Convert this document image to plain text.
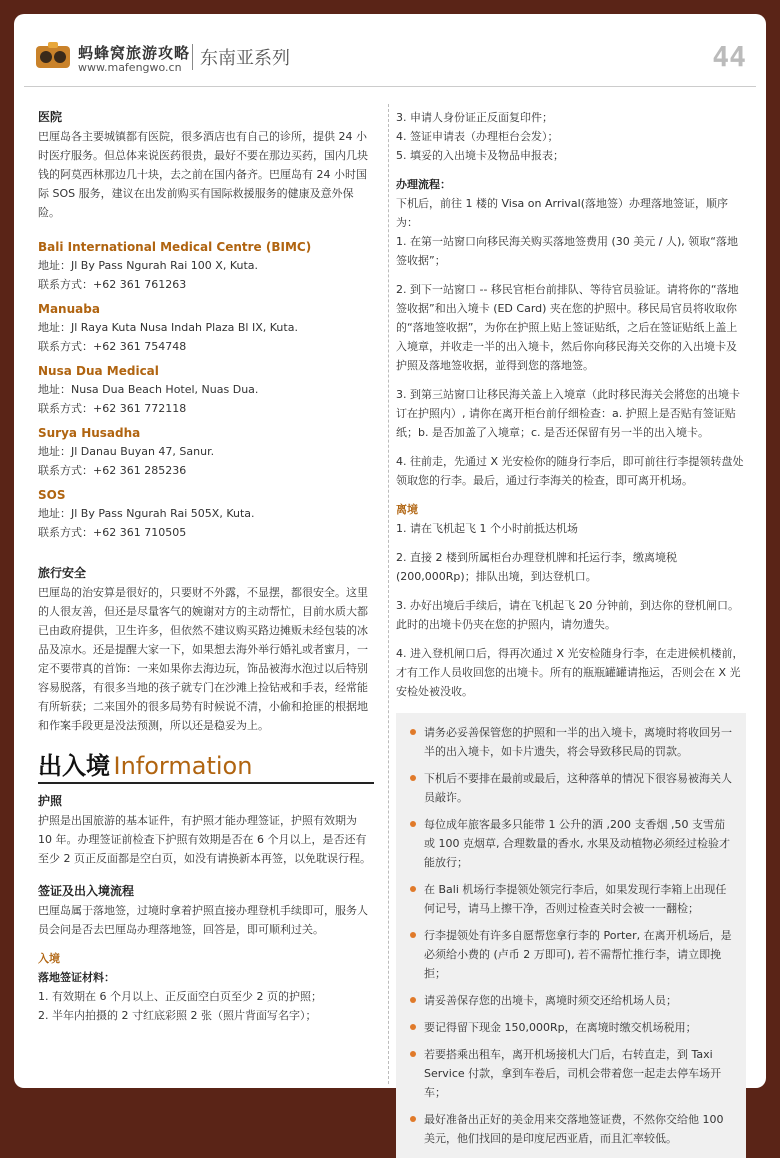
蚂蜂窝旅游攻略
www.mafengwo.cn 东南亚系列	44

医院

巴厘岛各主要城镇都有医院，很多酒店也有自己的诊所，提供 24 小时医疗服务。但总体来说医药很贵，最好不要在那边买药，国内几块钱的阿莫西林那边几十块，去之前在国内备齐。巴厘岛有 24 小时国际 SOS 服务，建议在出发前购买有国际救援服务的健康及意外保险。

Bali International Medical Centre (BIMC)

地址：Jl By Pass Ngurah Rai 100 X, Kuta.

联系方式：+62 361 761263

Manuaba

地址：Jl Raya Kuta Nusa Indah Plaza Bl IX, Kuta.

联系方式：+62 361 754748

Nusa Dua Medical

地址：Nusa Dua Beach Hotel, Nuas Dua.

联系方式：+62 361 772118

Surya Husadha

地址：Jl Danau Buyan 47, Sanur.

联系方式：+62 361 285236

SOS

地址：Jl By Pass Ngurah Rai 505X, Kuta.

联系方式：+62 361 710505

旅行安全

巴厘岛的治安算是很好的，只要财不外露，不显摆，都很安全。这里的人很友善，但还是尽量客气的婉谢对方的主动帮忙，目前水质大都已由政府提供，卫生许多，但依然不建议购买路边摊贩未经包装的冰品及凉水。还是提醒大家一下，如果想去海外举行婚礼或者蜜月，一定不要带真的首饰：一来如果你去海边玩，饰品被海水泡过以后特别容易脱落，有很多当地的孩子就专门在沙滩上捡钻戒和手表，经常能有所斩获；二来国外的很多局势有时候说不清，小偷和抢匪的根据地和作案手段更是没法预测，所以还是稳妥为上。

出入境 Information

护照

护照是出国旅游的基本证件，有护照才能办理签证，护照有效期为 10 年。办理签证前检查下护照有效期是否在 6 个月以上，是否还有至少 2 页正反面都是空白页，如没有请换新本再签，以免耽误行程。

签证及出入境流程

巴厘岛属于落地签，过境时拿着护照直接办理登机手续即可，服务人员会问是否去巴厘岛办理落地签，回答是，即可顺利过关。

入境

落地签证材料：

1. 有效期在 6 个月以上、正反面空白页至少 2 页的护照；

2. 半年内拍摄的 2 寸红底彩照 2 张（照片背面写名字）；

3. 申请人身份证正反面复印件；

4. 签证申请表（办理柜台会发）；

5. 填妥的入出境卡及物品申报表；

办理流程：

下机后，前往 1 楼的 Visa on Arrival(落地签）办理落地签证，顺序为：

1. 在第一站窗口向移民海关购买落地签费用 (30 美元 / 人), 领取“落地签收据”；

2. 到下一站窗口 -- 移民官柜台前排队、等待官员验证。请将你的“落地签收据”和出入境卡 (ED Card) 夹在您的护照中。移民局官员将收取你的“落地签收据”，为你在护照上贴上签证贴纸，之后在签证贴纸上盖上入境章，并收走一半的出入境卡，然后你向移民海关交你的入出境卡及护照及落地签收据，並得到您的落地签。

3. 到第三站窗口让移民海关盖上入境章（此时移民海关会將您的出境卡订在护照内）, 请你在离开柜台前仔细检查：a. 护照上是否贴有签证贴纸；b. 是否加盖了入境章；c. 是否还保留有另一半的出入境卡。

4. 往前走，先通过 X 光安检你的随身行李后，即可前往行李提领转盘处领取您的行李。最后，通过行李海关的检查，即可离开机场。

离境

1. 请在飞机起飞 1 个小时前抵达机场

2. 直接 2 楼到所属柜台办理登机牌和托运行李，缴离境税 (200,000Rp)；排队出境，到达登机口。

3. 办好出境后手续后，请在飞机起飞 20 分钟前，到达你的登机闸口。此时的出境卡仍夹在您的护照内，请勿遗失。

4. 进入登机闸口后，得再次通过 X 光安检随身行李，在走进候机楼前，才有工作人员收回您的出境卡。所有的瓶瓶罐罐请拖运，否则会在 X 光安检处被没收。

请务必妥善保管您的护照和一半的出入境卡，离境时将收回另一半的出入境卡，如卡片遗失，将会导致移民局的罚款。

下机后不要排在最前或最后，这种落单的情况下很容易被海关人员敲诈。

每位成年旅客最多只能带 1 公升的酒 ,200 支香烟 ,50 支雪茄或 100 克烟草, 合理数量的香水, 水果及动植物必须经过检验才能放行；

在 Bali 机场行李提领处领完行李后，如果发现行李箱上出现任何记号，请马上擦干净，否则过检查关时会被一一翻检；

行李提领处有许多自愿帮您拿行李的 Porter, 在离开机场后，是必须给小费的 (卢币 2 万即可), 若不需帮忙推行李，请立即挽拒；

请妥善保存您的出境卡，离境时须交还给机场人员；

要记得留下现金 150,000Rp，在离境时缴交机场税用；

若要搭乘出租车，离开机场接机大门后，右转直走，到 Taxi Service 付款，拿到车卷后，司机会带着您一起走去停车场开车；

最好准备出正好的美金用来交落地签证费，不然你交给他 100 美元，他们找回的是印度尼西亚盾，而且汇率较低。
